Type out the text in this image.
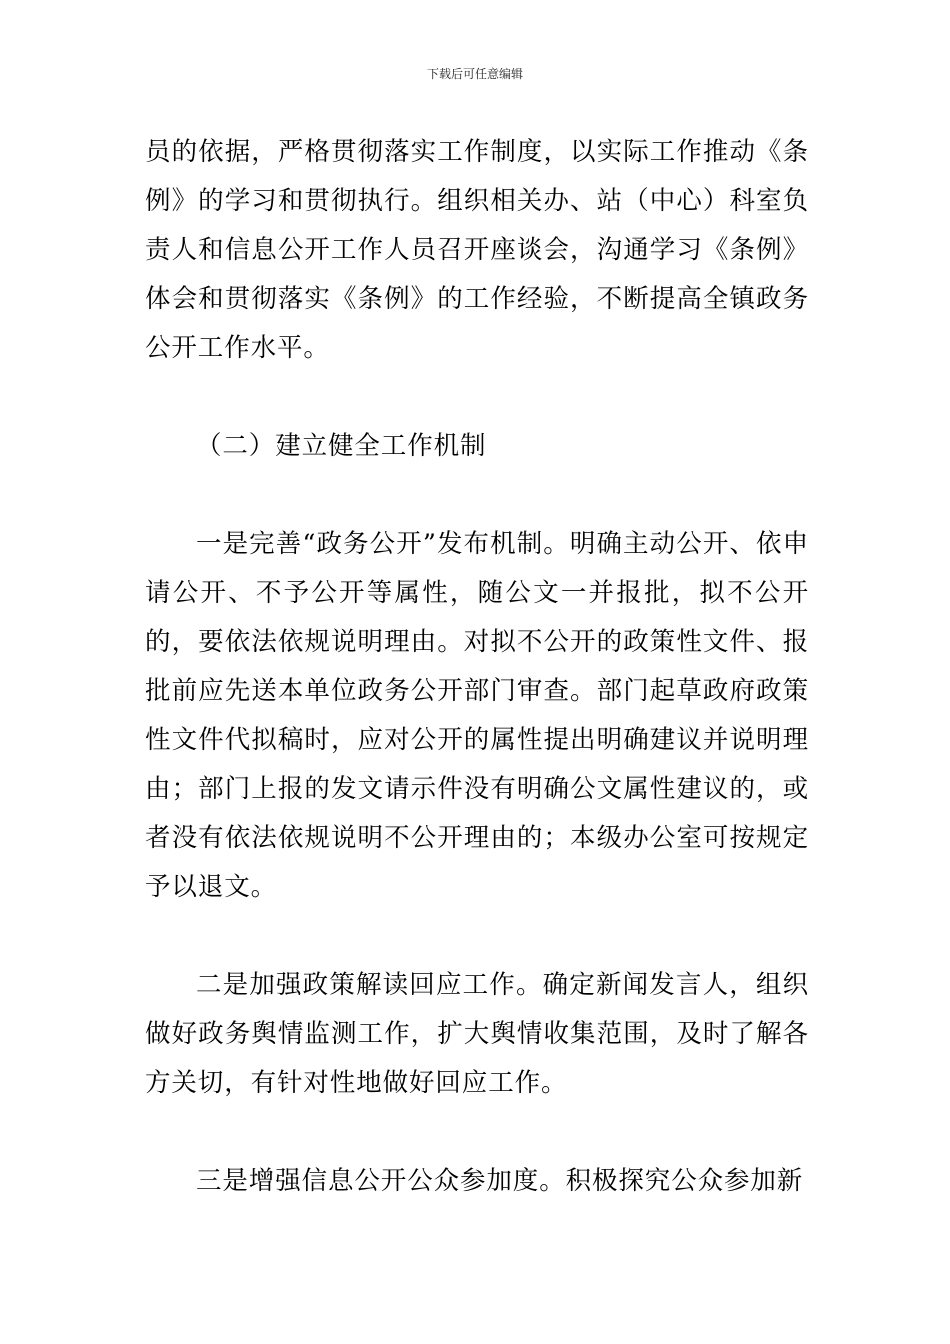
下载后可任意编辑

员的依据，严格贯彻落实工作制度，以实际工作推动《条例》的学习和贯彻执行。组织相关办、站（中心）科室负责人和信息公开工作人员召开座谈会，沟通学习《条例》体会和贯彻落实《条例》的工作经验，不断提高全镇政务公开工作水平。

（二）建立健全工作机制

一是完善“政务公开”发布机制。明确主动公开、依申请公开、不予公开等属性，随公文一并报批，拟不公开的，要依法依规说明理由。对拟不公开的政策性文件、报批前应先送本单位政务公开部门审查。部门起草政府政策性文件代拟稿时，应对公开的属性提出明确建议并说明理由；部门上报的发文请示件没有明确公文属性建议的，或者没有依法依规说明不公开理由的；本级办公室可按规定予以退文。

二是加强政策解读回应工作。确定新闻发言人，组织做好政务舆情监测工作，扩大舆情收集范围，及时了解各方关切，有针对性地做好回应工作。

三是增强信息公开公众参加度。积极探究公众参加新
